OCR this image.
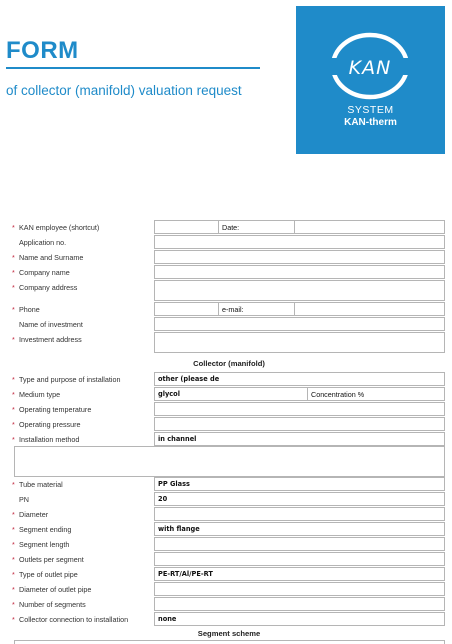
FORM
of collector (manifold) valuation request
KAN
SYSTEM
KAN-therm
* KAN employee (shortcut)	Date:
Application no.
* Name and Surname
* Company name
* Company address
* Phone	e-mail:
Name of investment
* Investment address
Collector (manifold)
* Type and purpose of installation	other (please de
* Medium type	glycol	Concentration %
* Operating temperature
* Operating pressure
* Installation method	in channel
* Tube material	PP Glass
PN	20
* Diameter
* Segment ending	with flange
* Segment length
* Outlets per segment
* Type of outlet pipe	PE-RT/Al/PE-RT
* Diameter of outlet pipe
* Number of segments
* Collector connection to installation	none
Segment scheme
